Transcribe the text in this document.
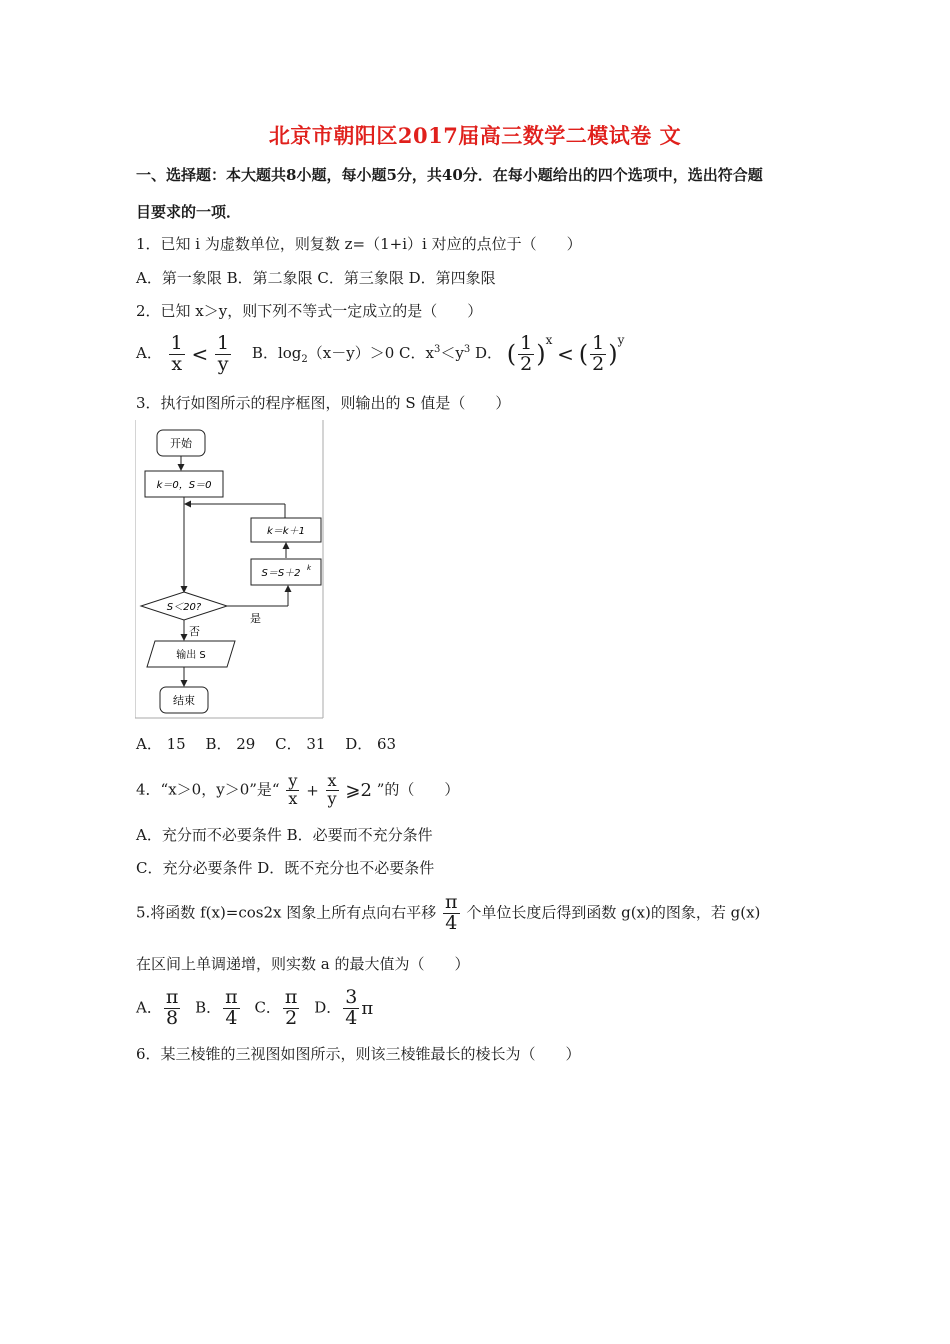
北京市朝阳区2017届高三数学二模试卷 文
一、选择题：本大题共8小题，每小题5分，共40分．在每小题给出的四个选项中，选出符合题
目要求的一项．
1．已知 i 为虚数单位，则复数 z=（1+i）i 对应的点位于（　　）
A．第一象限 B．第二象限 C．第三象限 D．第四象限
2．已知 x＞y，则下列不等式一定成立的是（　　）
A． $\frac{1}{x} < \frac{1}{y}$ B．$\log_2(x-y)>0$ C．$x^3<y^3$ D． ( $\frac{1}{2} )^x$ < ( $\frac{1}{2} )^y$
3．执行如图所示的程序框图，则输出的 S 值是（　　）
开始
k＝0，S＝0
k＝k＋1
S＝S＋2 k
S＜20?
是
否
输出 S
结束
A． 15　 B． 29　 C． 31　 D． 63
4．“x＞0，y＞0”是“ $\frac{y}{x} + \frac{x}{y}$ ⩾2 ”的（　　）
A．充分而不必要条件 B．必要而不充分条件
C．充分必要条件 D．既不充分也不必要条件
5.将函数 f(x)=cos2x 图象上所有点向右平移 $\frac{\pi}{4}$ 个单位长度后得到函数 g(x)的图象，若 g(x)
在区间上单调递增，则实数 a 的最大值为（　　）
A． $\frac{\pi}{8}$ B． $\frac{\pi}{4}$ C． $\frac{\pi}{2}$ D． $\frac{3}{4}$ π
6．某三棱锥的三视图如图所示，则该三棱锥最长的棱长为（　　）
